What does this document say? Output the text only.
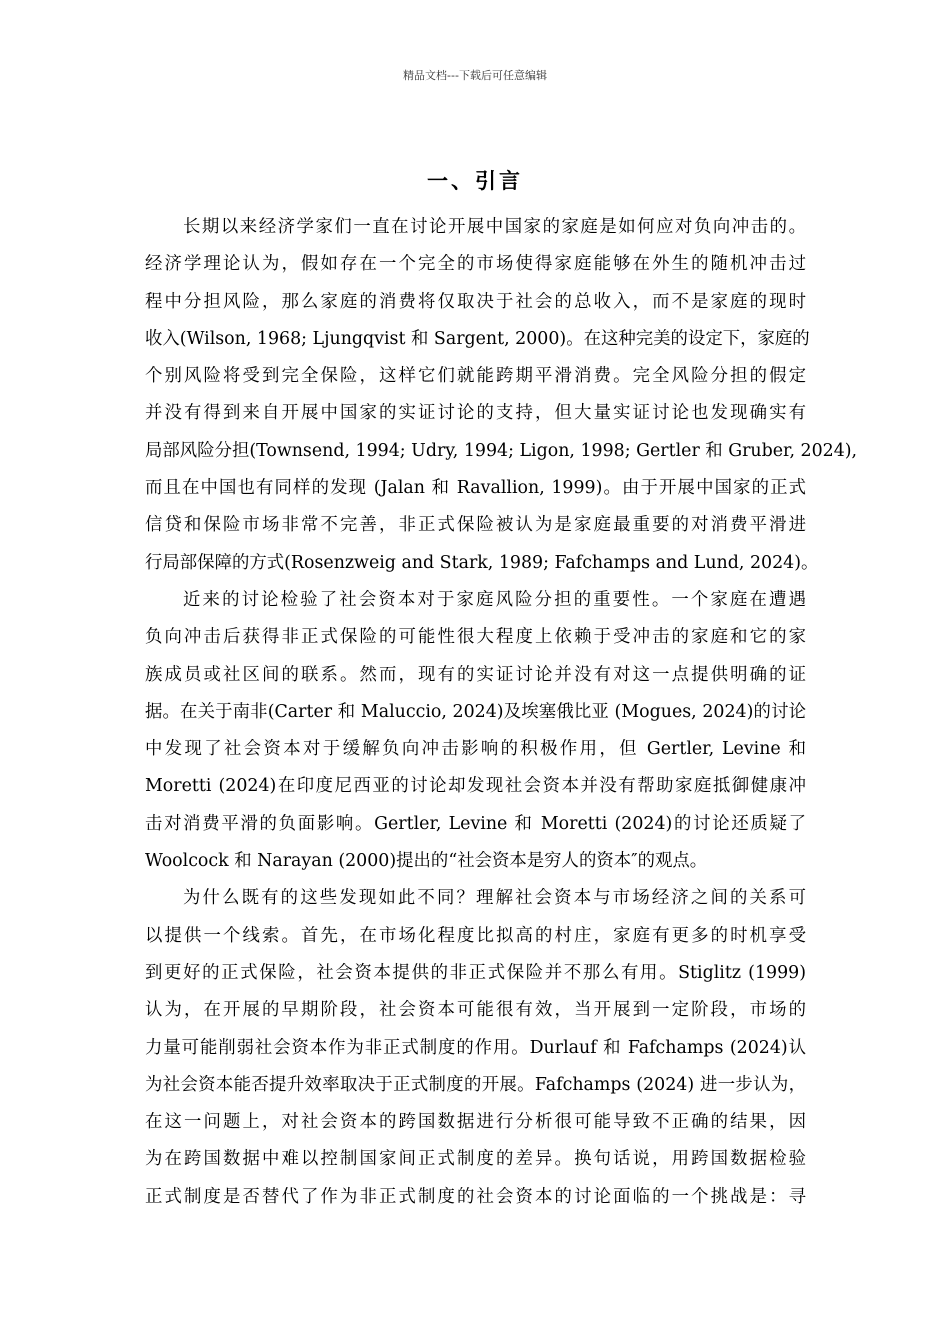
精品文档---下载后可任意编辑
一、引言
长期以来经济学家们一直在讨论开展中国家的家庭是如何应对负向冲击的。
经济学理论认为，假如存在一个完全的市场使得家庭能够在外生的随机冲击过
程中分担风险，那么家庭的消费将仅取决于社会的总收入，而不是家庭的现时
收入(Wilson, 1968; Ljungqvist 和 Sargent, 2000)。在这种完美的设定下，家庭的
个别风险将受到完全保险，这样它们就能跨期平滑消费。完全风险分担的假定
并没有得到来自开展中国家的实证讨论的支持，但大量实证讨论也发现确实有
局部风险分担(Townsend, 1994; Udry, 1994; Ligon, 1998; Gertler 和 Gruber, 2024),
而且在中国也有同样的发现 (Jalan 和 Ravallion, 1999)。由于开展中国家的正式
信贷和保险市场非常不完善，非正式保险被认为是家庭最重要的对消费平滑进
行局部保障的方式(Rosenzweig and Stark, 1989; Fafchamps and Lund, 2024)。
近来的讨论检验了社会资本对于家庭风险分担的重要性。一个家庭在遭遇
负向冲击后获得非正式保险的可能性很大程度上依赖于受冲击的家庭和它的家
族成员或社区间的联系。然而，现有的实证讨论并没有对这一点提供明确的证
据。在关于南非(Carter 和 Maluccio, 2024)及埃塞俄比亚 (Mogues, 2024)的讨论
中发现了社会资本对于缓解负向冲击影响的积极作用，但 Gertler, Levine 和
Moretti (2024)在印度尼西亚的讨论却发现社会资本并没有帮助家庭抵御健康冲
击对消费平滑的负面影响。Gertler, Levine 和 Moretti (2024)的讨论还质疑了
Woolcock 和 Narayan (2000)提出的“社会资本是穷人的资本″的观点。
为什么既有的这些发现如此不同？理解社会资本与市场经济之间的关系可
以提供一个线索。首先，在市场化程度比拟高的村庄，家庭有更多的时机享受
到更好的正式保险，社会资本提供的非正式保险并不那么有用。Stiglitz (1999)
认为，在开展的早期阶段，社会资本可能很有效，当开展到一定阶段，市场的
力量可能削弱社会资本作为非正式制度的作用。Durlauf 和 Fafchamps (2024)认
为社会资本能否提升效率取决于正式制度的开展。Fafchamps (2024) 进一步认为，
在这一问题上，对社会资本的跨国数据进行分析很可能导致不正确的结果，因
为在跨国数据中难以控制国家间正式制度的差异。换句话说，用跨国数据检验
正式制度是否替代了作为非正式制度的社会资本的讨论面临的一个挑战是：寻
